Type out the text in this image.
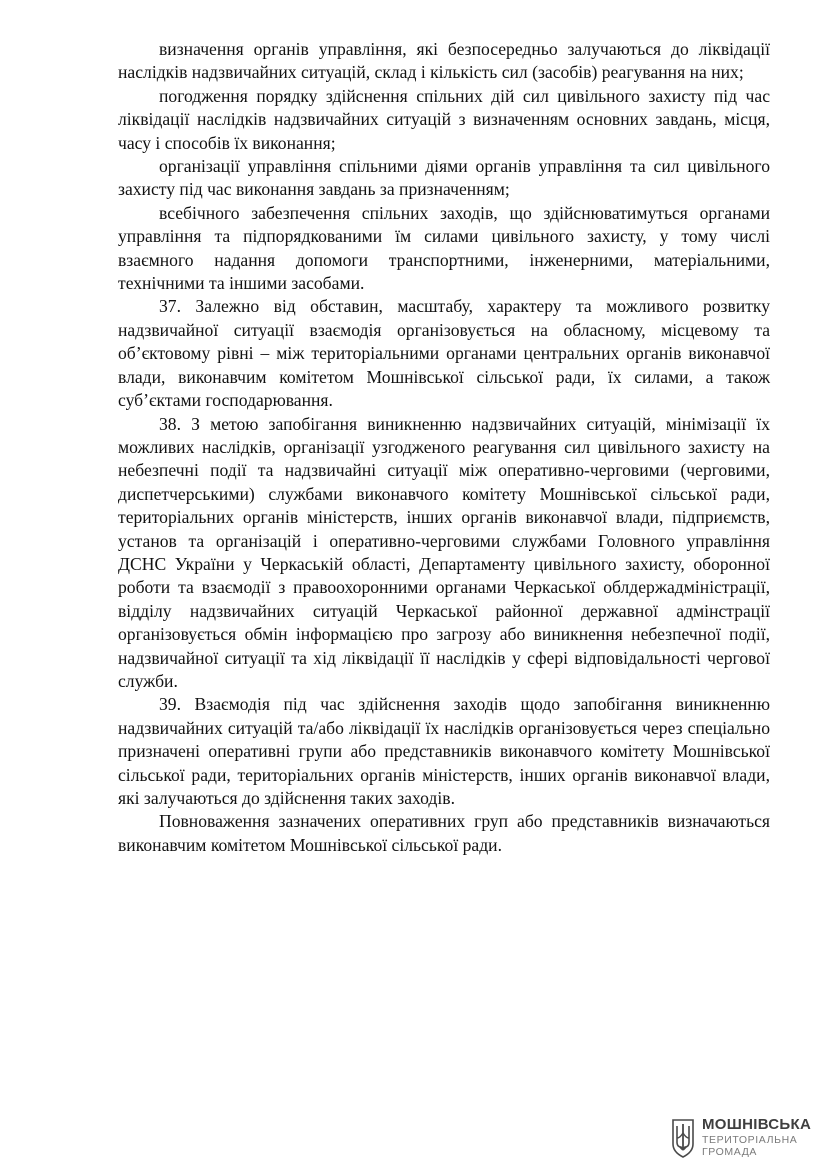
визначення органів управління, які безпосередньо залучаються до ліквідації наслідків надзвичайних ситуацій, склад і кількість сил (засобів) реагування на них;

погодження порядку здійснення спільних дій сил цивільного захисту під час ліквідації наслідків надзвичайних ситуацій з визначенням основних завдань, місця, часу і способів їх виконання;

організації управління спільними діями органів управління та сил цивільного захисту під час виконання завдань за призначенням;

всебічного забезпечення спільних заходів, що здійснюватимуться органами управління та підпорядкованими їм силами цивільного захисту, у тому числі взаємного надання допомоги транспортними, інженерними, матеріальними, технічними та іншими засобами.

37. Залежно від обставин, масштабу, характеру та можливого розвитку надзвичайної ситуації взаємодія організовується на обласному, місцевому та об’єктовому рівні – між територіальними органами центральних органів виконавчої влади, виконавчим комітетом Мошнівської сільської ради, їх силами, а також суб’єктами господарювання.

38. З метою запобігання виникненню надзвичайних ситуацій, мінімізації їх можливих наслідків, організації узгодженого реагування сил цивільного захисту на небезпечні події та надзвичайні ситуації між оперативно-черговими (черговими, диспетчерськими) службами виконавчого комітету Мошнівської сільської ради, територіальних органів міністерств, інших органів виконавчої влади, підприємств, установ та організацій і оперативно-черговими службами Головного управління ДСНС України у Черкаській області, Департаменту цивільного захисту, оборонної роботи та взаємодії з правоохоронними органами Черкаської облдержадміністрації, відділу надзвичайних ситуацій Черкаської районної державної адмінстрації організовується обмін інформацією про загрозу або виникнення небезпечної події, надзвичайної ситуації та хід ліквідації її наслідків у сфері відповідальності чергової служби.

39. Взаємодія під час здійснення заходів щодо запобігання виникненню надзвичайних ситуацій та/або ліквідації їх наслідків організовується через спеціально призначені оперативні групи або представників виконавчого комітету Мошнівської сільської ради, територіальних органів міністерств, інших органів виконавчої влади, які залучаються до здійснення таких заходів.

Повноваження зазначених оперативних груп або представників визначаються виконавчим комітетом Мошнівської сільської ради.

МОШНІВСЬКА
ТЕРИТОРІАЛЬНА
ГРОМАДА
